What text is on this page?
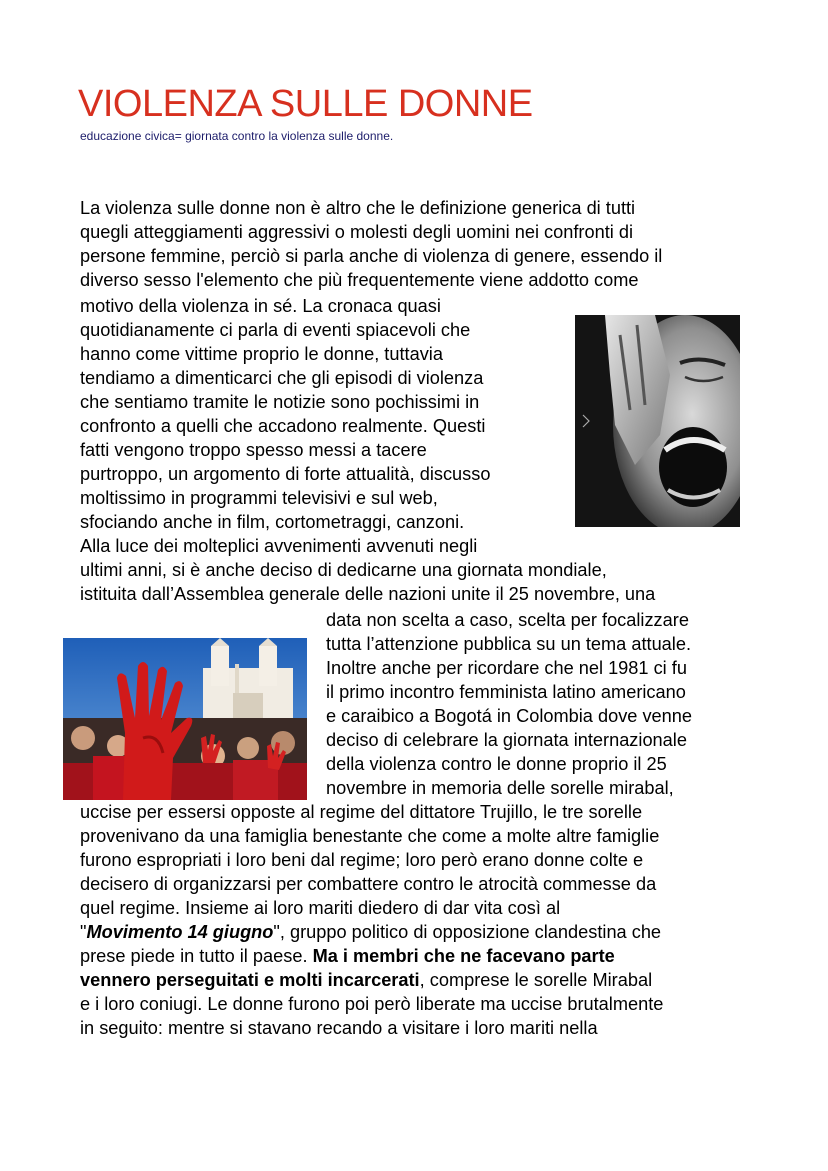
VIOLENZA SULLE DONNE
educazione civica= giornata contro la violenza sulle donne.
La violenza sulle donne non è altro che le definizione generica di tutti
quegli atteggiamenti aggressivi o molesti degli uomini nei confronti di
persone femmine, perciò si parla anche di violenza di genere, essendo il
diverso sesso l'elemento che più frequentemente viene addotto come
motivo della violenza in sé. La cronaca quasi
quotidianamente ci parla di eventi spiacevoli che
hanno come vittime proprio le donne, tuttavia
tendiamo a dimenticarci che gli episodi di violenza
che sentiamo tramite le notizie sono pochissimi in
confronto a quelli che accadono realmente. Questi
fatti vengono troppo spesso messi a tacere
purtroppo, un argomento di forte attualità, discusso
moltissimo in programmi televisivi e sul web,
sfociando anche in film, cortometraggi, canzoni.
Alla luce dei molteplici avvenimenti avvenuti negli
ultimi anni, si è anche deciso di dedicarne una giornata mondiale,
istituita dall’Assemblea generale delle nazioni unite il 25 novembre, una
data non scelta a caso, scelta per focalizzare
tutta l’attenzione pubblica su un tema attuale.
Inoltre anche per ricordare che nel 1981 ci fu
il primo incontro femminista latino americano
e caraibico a Bogotá in Colombia dove venne
deciso di celebrare la giornata internazionale
della violenza contro le donne proprio il 25
novembre in memoria delle sorelle mirabal,
uccise per essersi opposte al regime del dittatore Trujillo, le tre sorelle
provenivano da una famiglia benestante che come a molte altre famiglie
furono espropriati i loro beni dal regime; loro però erano donne colte e
decisero di organizzarsi per combattere contro le atrocità commesse da
quel regime. Insieme ai loro mariti diedero di dar vita così al
"Movimento 14 giugno", gruppo politico di opposizione clandestina che
prese piede in tutto il paese. Ma i membri che ne facevano parte
vennero perseguitati e molti incarcerati, comprese le sorelle Mirabal
e i loro coniugi. Le donne furono poi però liberate ma uccise brutalmente
in seguito: mentre si stavano recando a visitare i loro mariti nella
